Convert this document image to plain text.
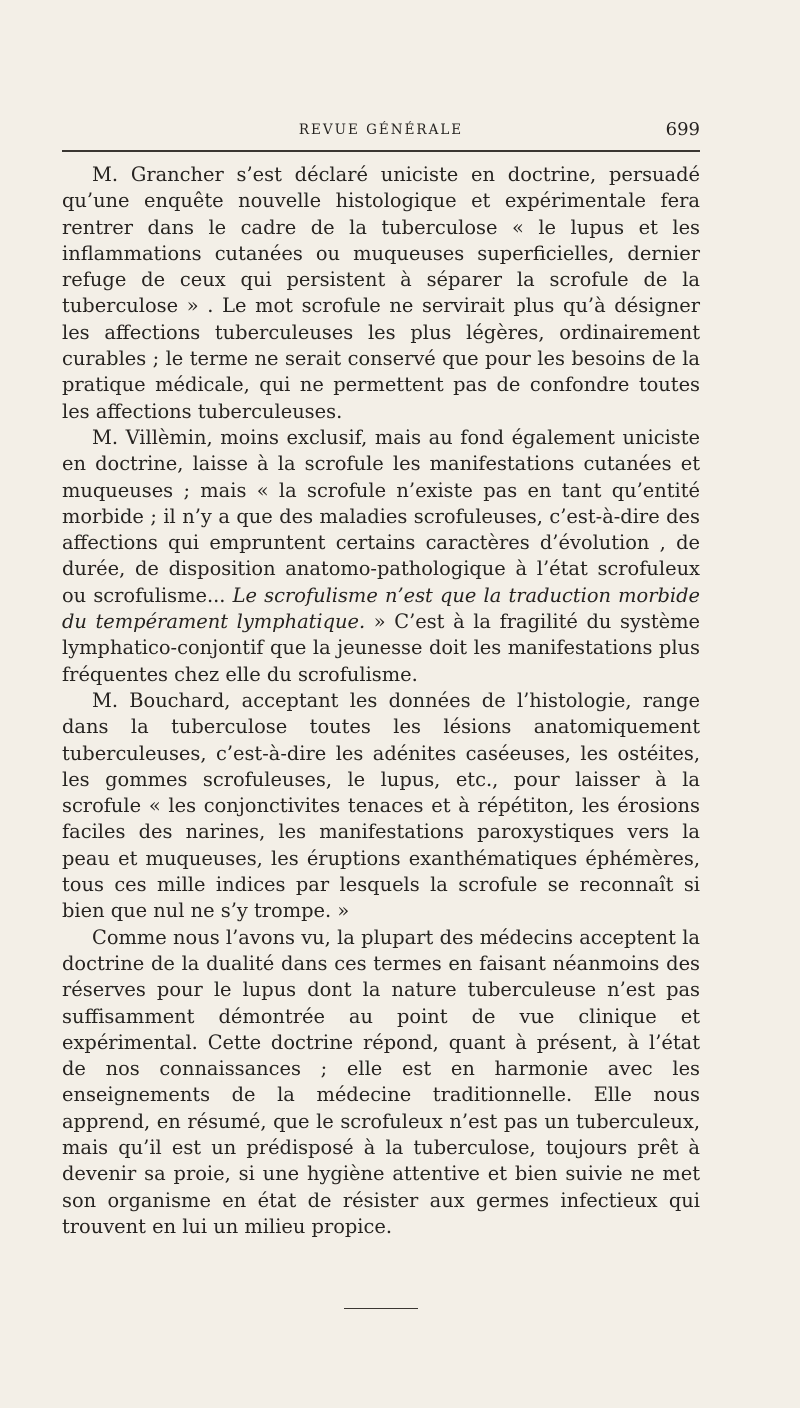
REVUE GÉNÉRALE	699

M. Grancher s’est déclaré uniciste en doctrine, persuadé qu’une enquête nouvelle histologique et expérimentale fera rentrer dans le cadre de la tuberculose « le lupus et les inflammations cutanées ou muqueuses superficielles, dernier refuge de ceux qui persistent à séparer la scrofule de la tuberculose » . Le mot scrofule ne servirait plus qu’à désigner les affections tuberculeuses les plus légères, ordinairement curables ; le terme ne serait conservé que pour les besoins de la pratique médicale, qui ne permettent pas de confondre toutes les affections tuberculeuses.

M. Villèmin, moins exclusif, mais au fond également uniciste en doctrine, laisse à la scrofule les manifestations cutanées et muqueuses ; mais « la scrofule n’existe pas en tant qu’entité morbide ; il n’y a que des maladies scrofuleuses, c’est-à-dire des affections qui empruntent certains caractères d’évolution , de durée, de disposition anatomo-pathologique à l’état scrofuleux ou scrofulisme... Le scrofulisme n’est que la traduction morbide du tempérament lymphatique. » C’est à la fragilité du système lymphatico-conjontif que la jeunesse doit les manifestations plus fréquentes chez elle du scrofulisme.

M. Bouchard, acceptant les données de l’histologie, range dans la tuberculose toutes les lésions anatomiquement tuberculeuses, c’est-à-dire les adénites caséeuses, les ostéites, les gommes scrofuleuses, le lupus, etc., pour laisser à la scrofule « les conjonctivites tenaces et à répétiton, les érosions faciles des narines, les manifestations paroxystiques vers la peau et muqueuses, les éruptions exanthématiques éphémères, tous ces mille indices par lesquels la scrofule se reconnaît si bien que nul ne s’y trompe. »

Comme nous l’avons vu, la plupart des médecins acceptent la doctrine de la dualité dans ces termes en faisant néanmoins des réserves pour le lupus dont la nature tuberculeuse n’est pas suffisamment démontrée au point de vue clinique et expérimental. Cette doctrine répond, quant à présent, à l’état de nos connaissances ; elle est en harmonie avec les enseignements de la médecine traditionnelle. Elle nous apprend, en résumé, que le scrofuleux n’est pas un tuberculeux, mais qu’il est un prédisposé à la tuberculose, toujours prêt à devenir sa proie, si une hygiène attentive et bien suivie ne met son organisme en état de résister aux germes infectieux qui trouvent en lui un milieu propice.
